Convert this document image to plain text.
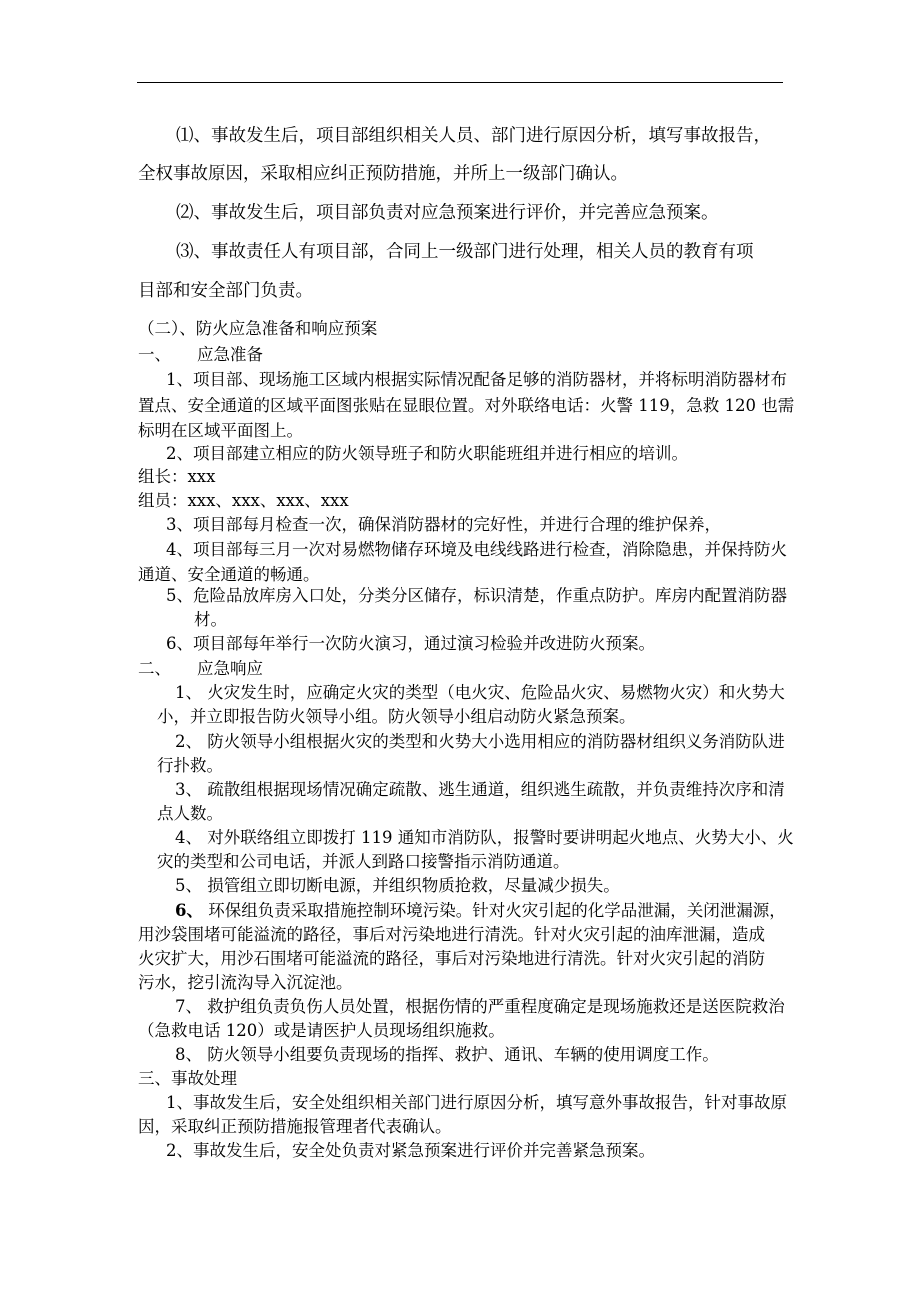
⑴、事故发生后，项目部组织相关人员、部门进行原因分析，填写事故报告，
全权事故原因，采取相应纠正预防措施，并所上一级部门确认。
⑵、事故发生后，项目部负责对应急预案进行评价，并完善应急预案。
⑶、事故责任人有项目部，合同上一级部门进行处理，相关人员的教育有项
目部和安全部门负责。
（二）、防火应急准备和响应预案
一、 应急准备
1、项目部、现场施工区域内根据实际情况配备足够的消防器材，并将标明消防器材布
置点、安全通道的区域平面图张贴在显眼位置。对外联络电话：火警 119，急救 120 也需
标明在区域平面图上。
2、项目部建立相应的防火领导班子和防火职能班组并进行相应的培训。
组长：xxx
组员：xxx、xxx、xxx、xxx
3、项目部每月检查一次，确保消防器材的完好性，并进行合理的维护保养，
4、项目部每三月一次对易燃物储存环境及电线线路进行检查，消除隐患，并保持防火
通道、安全通道的畅通。
5、危险品放库房入口处，分类分区储存，标识清楚，作重点防护。库房内配置消防器
材。
6、项目部每年举行一次防火演习，通过演习检验并改进防火预案。
二、 应急响应
1、 火灾发生时，应确定火灾的类型（电火灾、危险品火灾、易燃物火灾）和火势大
小，并立即报告防火领导小组。防火领导小组启动防火紧急预案。
2、 防火领导小组根据火灾的类型和火势大小选用相应的消防器材组织义务消防队进
行扑救。
3、 疏散组根据现场情况确定疏散、逃生通道，组织逃生疏散，并负责维持次序和清
点人数。
4、 对外联络组立即拨打 119 通知市消防队，报警时要讲明起火地点、火势大小、火
灾的类型和公司电话，并派人到路口接警指示消防通道。
5、 损管组立即切断电源，并组织物质抢救，尽量减少损失。
6、 环保组负责采取措施控制环境污染。针对火灾引起的化学品泄漏，关闭泄漏源，
用沙袋围堵可能溢流的路径，事后对污染地进行清洗。针对火灾引起的油库泄漏，造成
火灾扩大，用沙石围堵可能溢流的路径，事后对污染地进行清洗。针对火灾引起的消防
污水，挖引流沟导入沉淀池。
7、 救护组负责负伤人员处置，根据伤情的严重程度确定是现场施救还是送医院救治
（急救电话 120）或是请医护人员现场组织施救。
8、 防火领导小组要负责现场的指挥、救护、通讯、车辆的使用调度工作。
三、事故处理
1、事故发生后，安全处组织相关部门进行原因分析，填写意外事故报告，针对事故原
因，采取纠正预防措施报管理者代表确认。
2、事故发生后，安全处负责对紧急预案进行评价并完善紧急预案。
